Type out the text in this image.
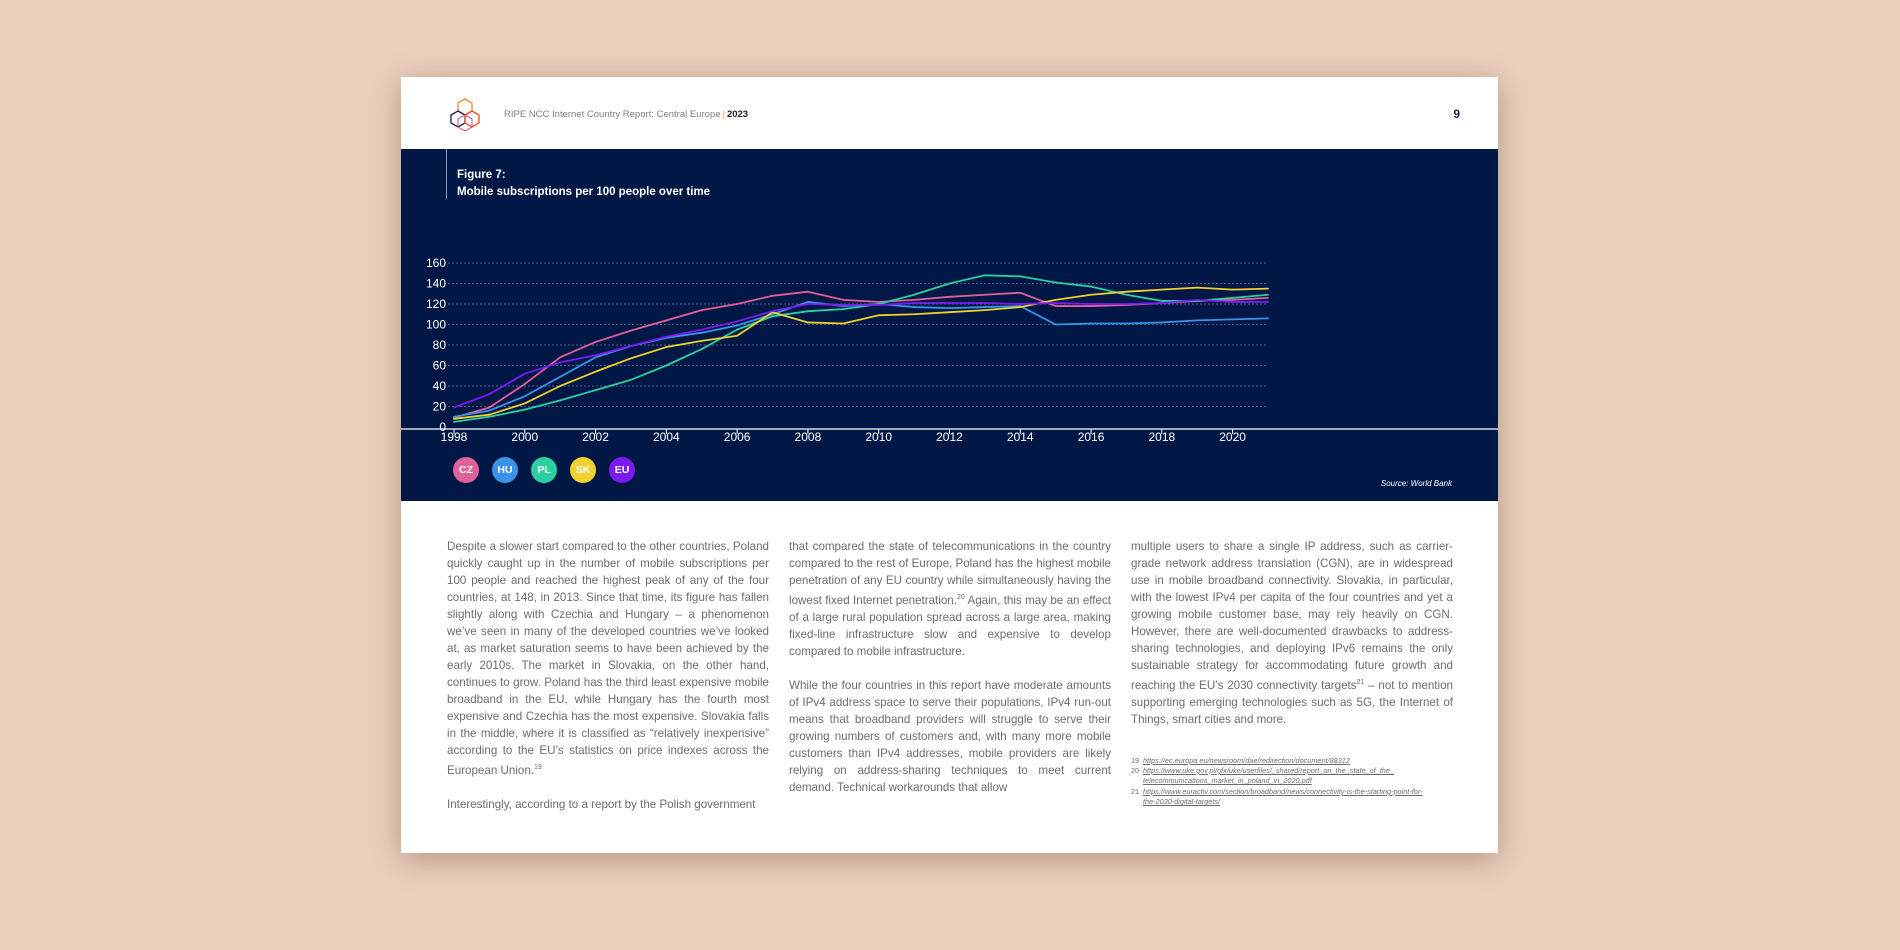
RIPE NCC Internet Country Report: Central Europe | 2023	9
Figure 7:
Mobile subscriptions per 100 people over time
0
20
40
60
80
100
120
140
160
1998	2000	2002	2004	2006	2008	2010	2012	2014	2016	2018	2020
CZ	HU	PL	SK	EU
Source: World Bank

Despite a slower start compared to the other countries, Poland quickly caught up in the number of mobile subscriptions per 100 people and reached the highest peak of any of the four countries, at 148, in 2013. Since that time, its figure has fallen slightly along with Czechia and Hungary – a phenomenon we’ve seen in many of the developed countries we’ve looked at, as market saturation seems to have been achieved by the early 2010s. The market in Slovakia, on the other hand, continues to grow. Poland has the third least expensive mobile broadband in the EU, while Hungary has the fourth most expensive and Czechia has the most expensive. Slovakia falls in the middle, where it is classified as “relatively inexpensive” according to the EU’s statistics on price indexes across the European Union.$^{19}$

Interestingly, according to a report by the Polish government

that compared the state of telecommunications in the country compared to the rest of Europe, Poland has the highest mobile penetration of any EU country while simultaneously having the lowest fixed Internet penetration.$^{20}$ Again, this may be an effect of a large rural population spread across a large area, making fixed-line infrastructure slow and expensive to develop compared to mobile infrastructure.

While the four countries in this report have moderate amounts of IPv4 address space to serve their populations, IPv4 run-out means that broadband providers will struggle to serve their growing numbers of customers and, with many more mobile customers than IPv4 addresses, mobile providers are likely relying on address-sharing techniques to meet current demand. Technical workarounds that allow

multiple users to share a single IP address, such as carrier-grade network address translation (CGN), are in widespread use in mobile broadband connectivity. Slovakia, in particular, with the lowest IPv4 per capita of the four countries and yet a growing mobile customer base, may rely heavily on CGN. However, there are well-documented drawbacks to address-sharing technologies, and deploying IPv6 remains the only sustainable strategy for accommodating future growth and reaching the EU’s 2030 connectivity targets$^{21}$ – not to mention supporting emerging technologies such as 5G, the Internet of Things, smart cities and more.

19 https://ec.europa.eu/newsroom/dae/redirection/document/88312
20 https://www.uke.gov.pl/gfx/uke/userfiles/_shared/report_on_the_state_of_the_
telecommunications_market_in_poland_in_2020.pdf
21 https://www.euractiv.com/section/broadband/news/connectivity-is-the-starting-point-for-
the-2030-digital-targets/
